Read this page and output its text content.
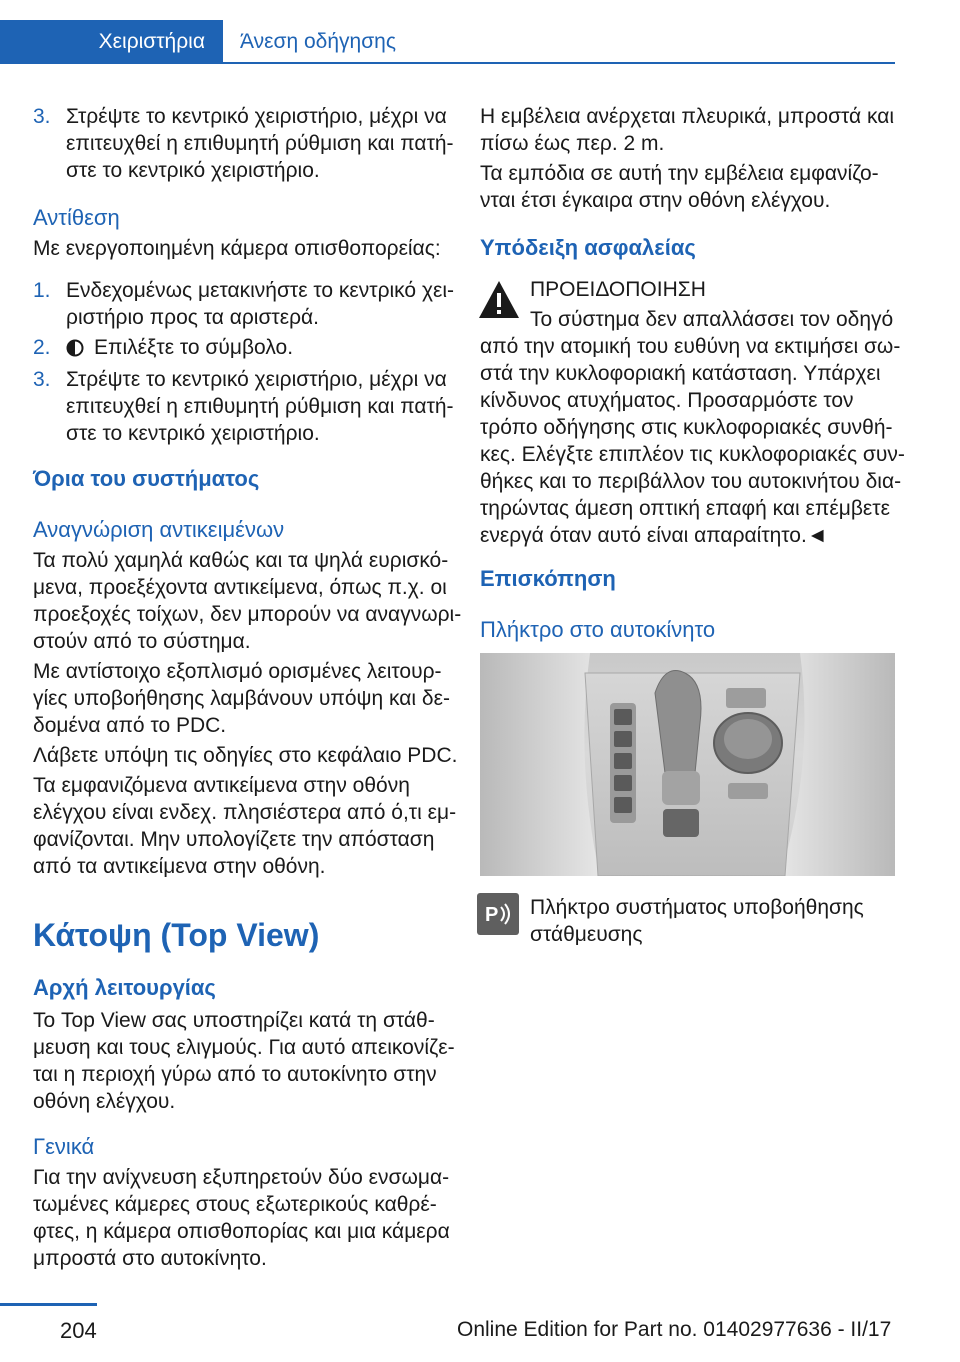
Χειριστήρια Άνεση οδήγησης
3. Στρέψτε το κεντρικό χειριστήριο, μέχρι να

επιτευχθεί η επιθυμητή ρύθμιση και πατή‐

στε το κεντρικό χειριστήριο.

Αντίθεση

Με ενεργοποιημένη κάμερα οπισθοπορείας:

1. Ενδεχομένως μετακινήστε το κεντρικό χει‐

ριστήριο προς τα αριστερά.

2.	Επιλέξτε το σύμβολο.

3. Στρέψτε το κεντρικό χειριστήριο, μέχρι να

επιτευχθεί η επιθυμητή ρύθμιση και πατή‐

στε το κεντρικό χειριστήριο.

Όρια του συστήματος
Αναγνώριση αντικειμένων

Τα πολύ χαμηλά καθώς και τα ψηλά ευρισκό‐

μενα, προεξέχοντα αντικείμενα, όπως π.χ. οι

προεξοχές τοίχων, δεν μπορούν να αναγνωρι‐

στούν από το σύστημα.

Με αντίστοιχο εξοπλισμό ορισμένες λειτουρ‐

γίες υποβοήθησης λαμβάνουν υπόψη και δε‐

δομένα από το PDC.

Λάβετε υπόψη τις οδηγίες στο κεφάλαιο PDC.

Τα εμφανιζόμενα αντικείμενα στην οθόνη

ελέγχου είναι ενδεχ. πλησιέστερα από ό,τι εμ‐

φανίζονται. Μην υπολογίζετε την απόσταση

από τα αντικείμενα στην οθόνη.

Κάτοψη (Top View)
Αρχή λειτουργίας

Το Top View σας υποστηρίζει κατά τη στάθ‐

μευση και τους ελιγμούς. Για αυτό απεικονίζε‐

ται η περιοχή γύρω από το αυτοκίνητο στην

οθόνη ελέγχου.

Γενικά

Για την ανίχνευση εξυπηρετούν δύο ενσωμα‐

τωμένες κάμερες στους εξωτερικούς καθρέ‐

φτες, η κάμερα οπισθοπορίας και μια κάμερα

μπροστά στο αυτοκίνητο.

Η εμβέλεια ανέρχεται πλευρικά, μπροστά και

πίσω έως περ. 2 m.

Τα εμπόδια σε αυτή την εμβέλεια εμφανίζο‐

νται έτσι έγκαιρα στην οθόνη ελέγχου.

Υπόδειξη ασφαλείας

ΠΡΟΕΙΔΟΠΟΙΗΣΗ

Το σύστημα δεν απαλλάσσει τον οδηγό

από την ατομική του ευθύνη να εκτιμήσει σω‐

στά την κυκλοφοριακή κατάσταση. Υπάρχει

κίνδυνος ατυχήματος. Προσαρμόστε τον

τρόπο οδήγησης στις κυκλοφοριακές συνθή‐

κες. Ελέγξτε επιπλέον τις κυκλοφοριακές συν‐

θήκες και το περιβάλλον του αυτοκινήτου δια‐

τηρώντας άμεση οπτική επαφή και επέμβετε

ενεργά όταν αυτό είναι απαραίτητο.◄

Επισκόπηση
Πλήκτρο στο αυτοκίνητο
P Πλήκτρο συστήματος υποβοήθησης

στάθμευσης

204	Online Edition for Part no. 01402977636 - II/17
